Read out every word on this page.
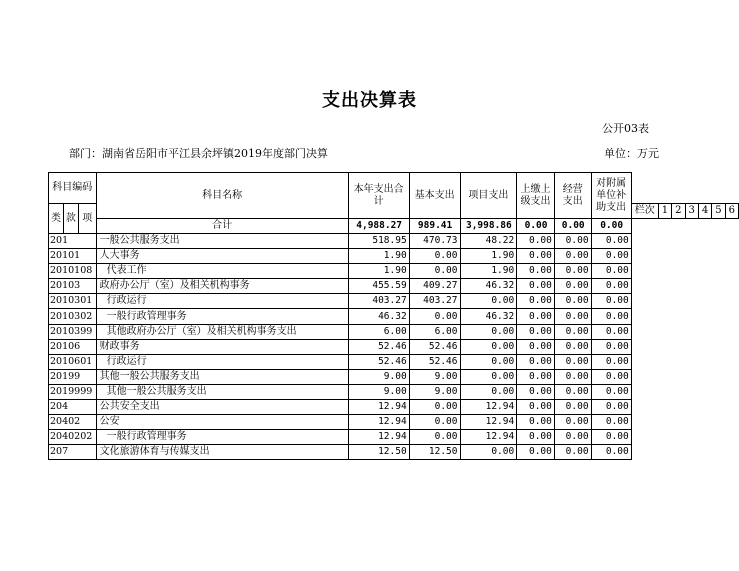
支出决算表
公开03表
部门：湖南省岳阳市平江县余坪镇2019年度部门决算	单位：万元
科目编码			科目名称	本年支出合计	基本支出	项目支出	上缴上级支出	经营支出	对附属单位补助支出							
类	款	项								栏次	1	2	3	4	5	6
			合计	4,988.27	989.41	3,998.86	0.00	0.00	0.00							
201			一般公共服务支出	518.95	470.73	48.22	0.00	0.00	0.00							
20101			人大事务	1.90	0.00	1.90	0.00	0.00	0.00							
2010108			代表工作	1.90	0.00	1.90	0.00	0.00	0.00							
20103			政府办公厅（室）及相关机构事务	455.59	409.27	46.32	0.00	0.00	0.00							
2010301			行政运行	403.27	403.27	0.00	0.00	0.00	0.00							
2010302			一般行政管理事务	46.32	0.00	46.32	0.00	0.00	0.00							
2010399			其他政府办公厅（室）及相关机构事务支出	6.00	6.00	0.00	0.00	0.00	0.00							
20106			财政事务	52.46	52.46	0.00	0.00	0.00	0.00							
2010601			行政运行	52.46	52.46	0.00	0.00	0.00	0.00							
20199			其他一般公共服务支出	9.00	9.00	0.00	0.00	0.00	0.00							
2019999			其他一般公共服务支出	9.00	9.00	0.00	0.00	0.00	0.00							
204			公共安全支出	12.94	0.00	12.94	0.00	0.00	0.00							
20402			公安	12.94	0.00	12.94	0.00	0.00	0.00							
2040202			一般行政管理事务	12.94	0.00	12.94	0.00	0.00	0.00							
207			文化旅游体育与传媒支出	12.50	12.50	0.00	0.00	0.00	0.00							
